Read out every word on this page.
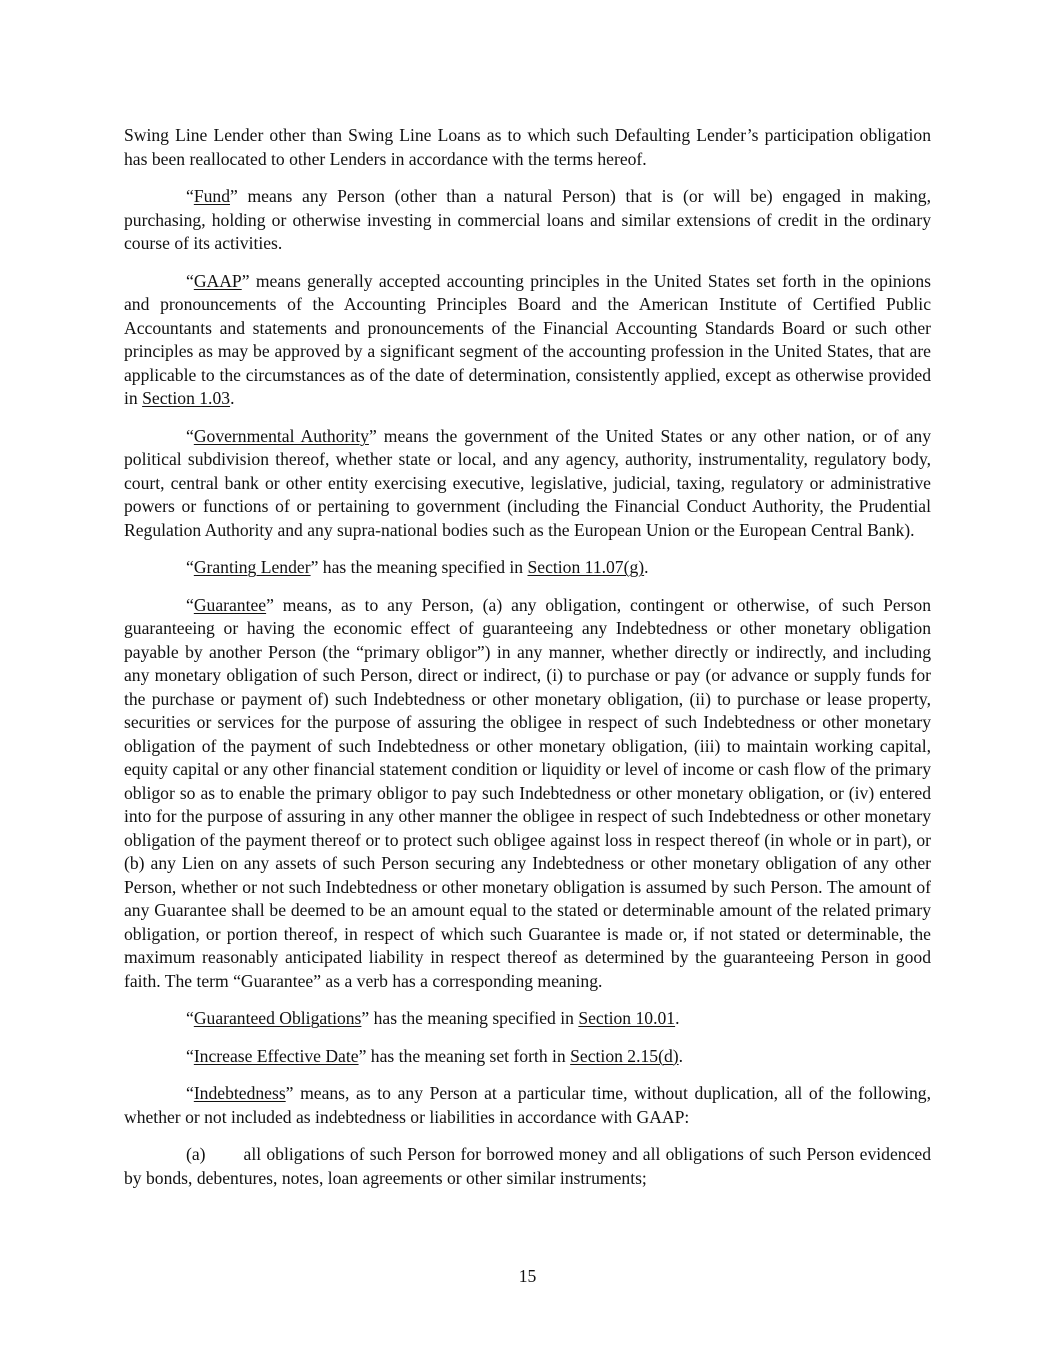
Swing Line Lender other than Swing Line Loans as to which such Defaulting Lender’s participation obligation has been reallocated to other Lenders in accordance with the terms hereof.

“Fund” means any Person (other than a natural Person) that is (or will be) engaged in making, purchasing, holding or otherwise investing in commercial loans and similar extensions of credit in the ordinary course of its activities.

“GAAP” means generally accepted accounting principles in the United States set forth in the opinions and pronouncements of the Accounting Principles Board and the American Institute of Certified Public Accountants and statements and pronouncements of the Financial Accounting Standards Board or such other principles as may be approved by a significant segment of the accounting profession in the United States, that are applicable to the circumstances as of the date of determination, consistently applied, except as otherwise provided in Section 1.03.

“Governmental Authority” means the government of the United States or any other nation, or of any political subdivision thereof, whether state or local, and any agency, authority, instrumentality, regulatory body, court, central bank or other entity exercising executive, legislative, judicial, taxing, regulatory or administrative powers or functions of or pertaining to government (including the Financial Conduct Authority, the Prudential Regulation Authority and any supra-national bodies such as the European Union or the European Central Bank).

“Granting Lender” has the meaning specified in Section 11.07(g).

“Guarantee” means, as to any Person, (a) any obligation, contingent or otherwise, of such Person guaranteeing or having the economic effect of guaranteeing any Indebtedness or other monetary obligation payable by another Person (the “primary obligor”) in any manner, whether directly or indirectly, and including any monetary obligation of such Person, direct or indirect, (i) to purchase or pay (or advance or supply funds for the purchase or payment of) such Indebtedness or other monetary obligation, (ii) to purchase or lease property, securities or services for the purpose of assuring the obligee in respect of such Indebtedness or other monetary obligation of the payment of such Indebtedness or other monetary obligation, (iii) to maintain working capital, equity capital or any other financial statement condition or liquidity or level of income or cash flow of the primary obligor so as to enable the primary obligor to pay such Indebtedness or other monetary obligation, or (iv) entered into for the purpose of assuring in any other manner the obligee in respect of such Indebtedness or other monetary obligation of the payment thereof or to protect such obligee against loss in respect thereof (in whole or in part), or (b) any Lien on any assets of such Person securing any Indebtedness or other monetary obligation of any other Person, whether or not such Indebtedness or other monetary obligation is assumed by such Person. The amount of any Guarantee shall be deemed to be an amount equal to the stated or determinable amount of the related primary obligation, or portion thereof, in respect of which such Guarantee is made or, if not stated or determinable, the maximum reasonably anticipated liability in respect thereof as determined by the guaranteeing Person in good faith. The term “Guarantee” as a verb has a corresponding meaning.

“Guaranteed Obligations” has the meaning specified in Section 10.01.

“Increase Effective Date” has the meaning set forth in Section 2.15(d).

“Indebtedness” means, as to any Person at a particular time, without duplication, all of the following, whether or not included as indebtedness or liabilities in accordance with GAAP:

(a) all obligations of such Person for borrowed money and all obligations of such Person evidenced by bonds, debentures, notes, loan agreements or other similar instruments;

15
